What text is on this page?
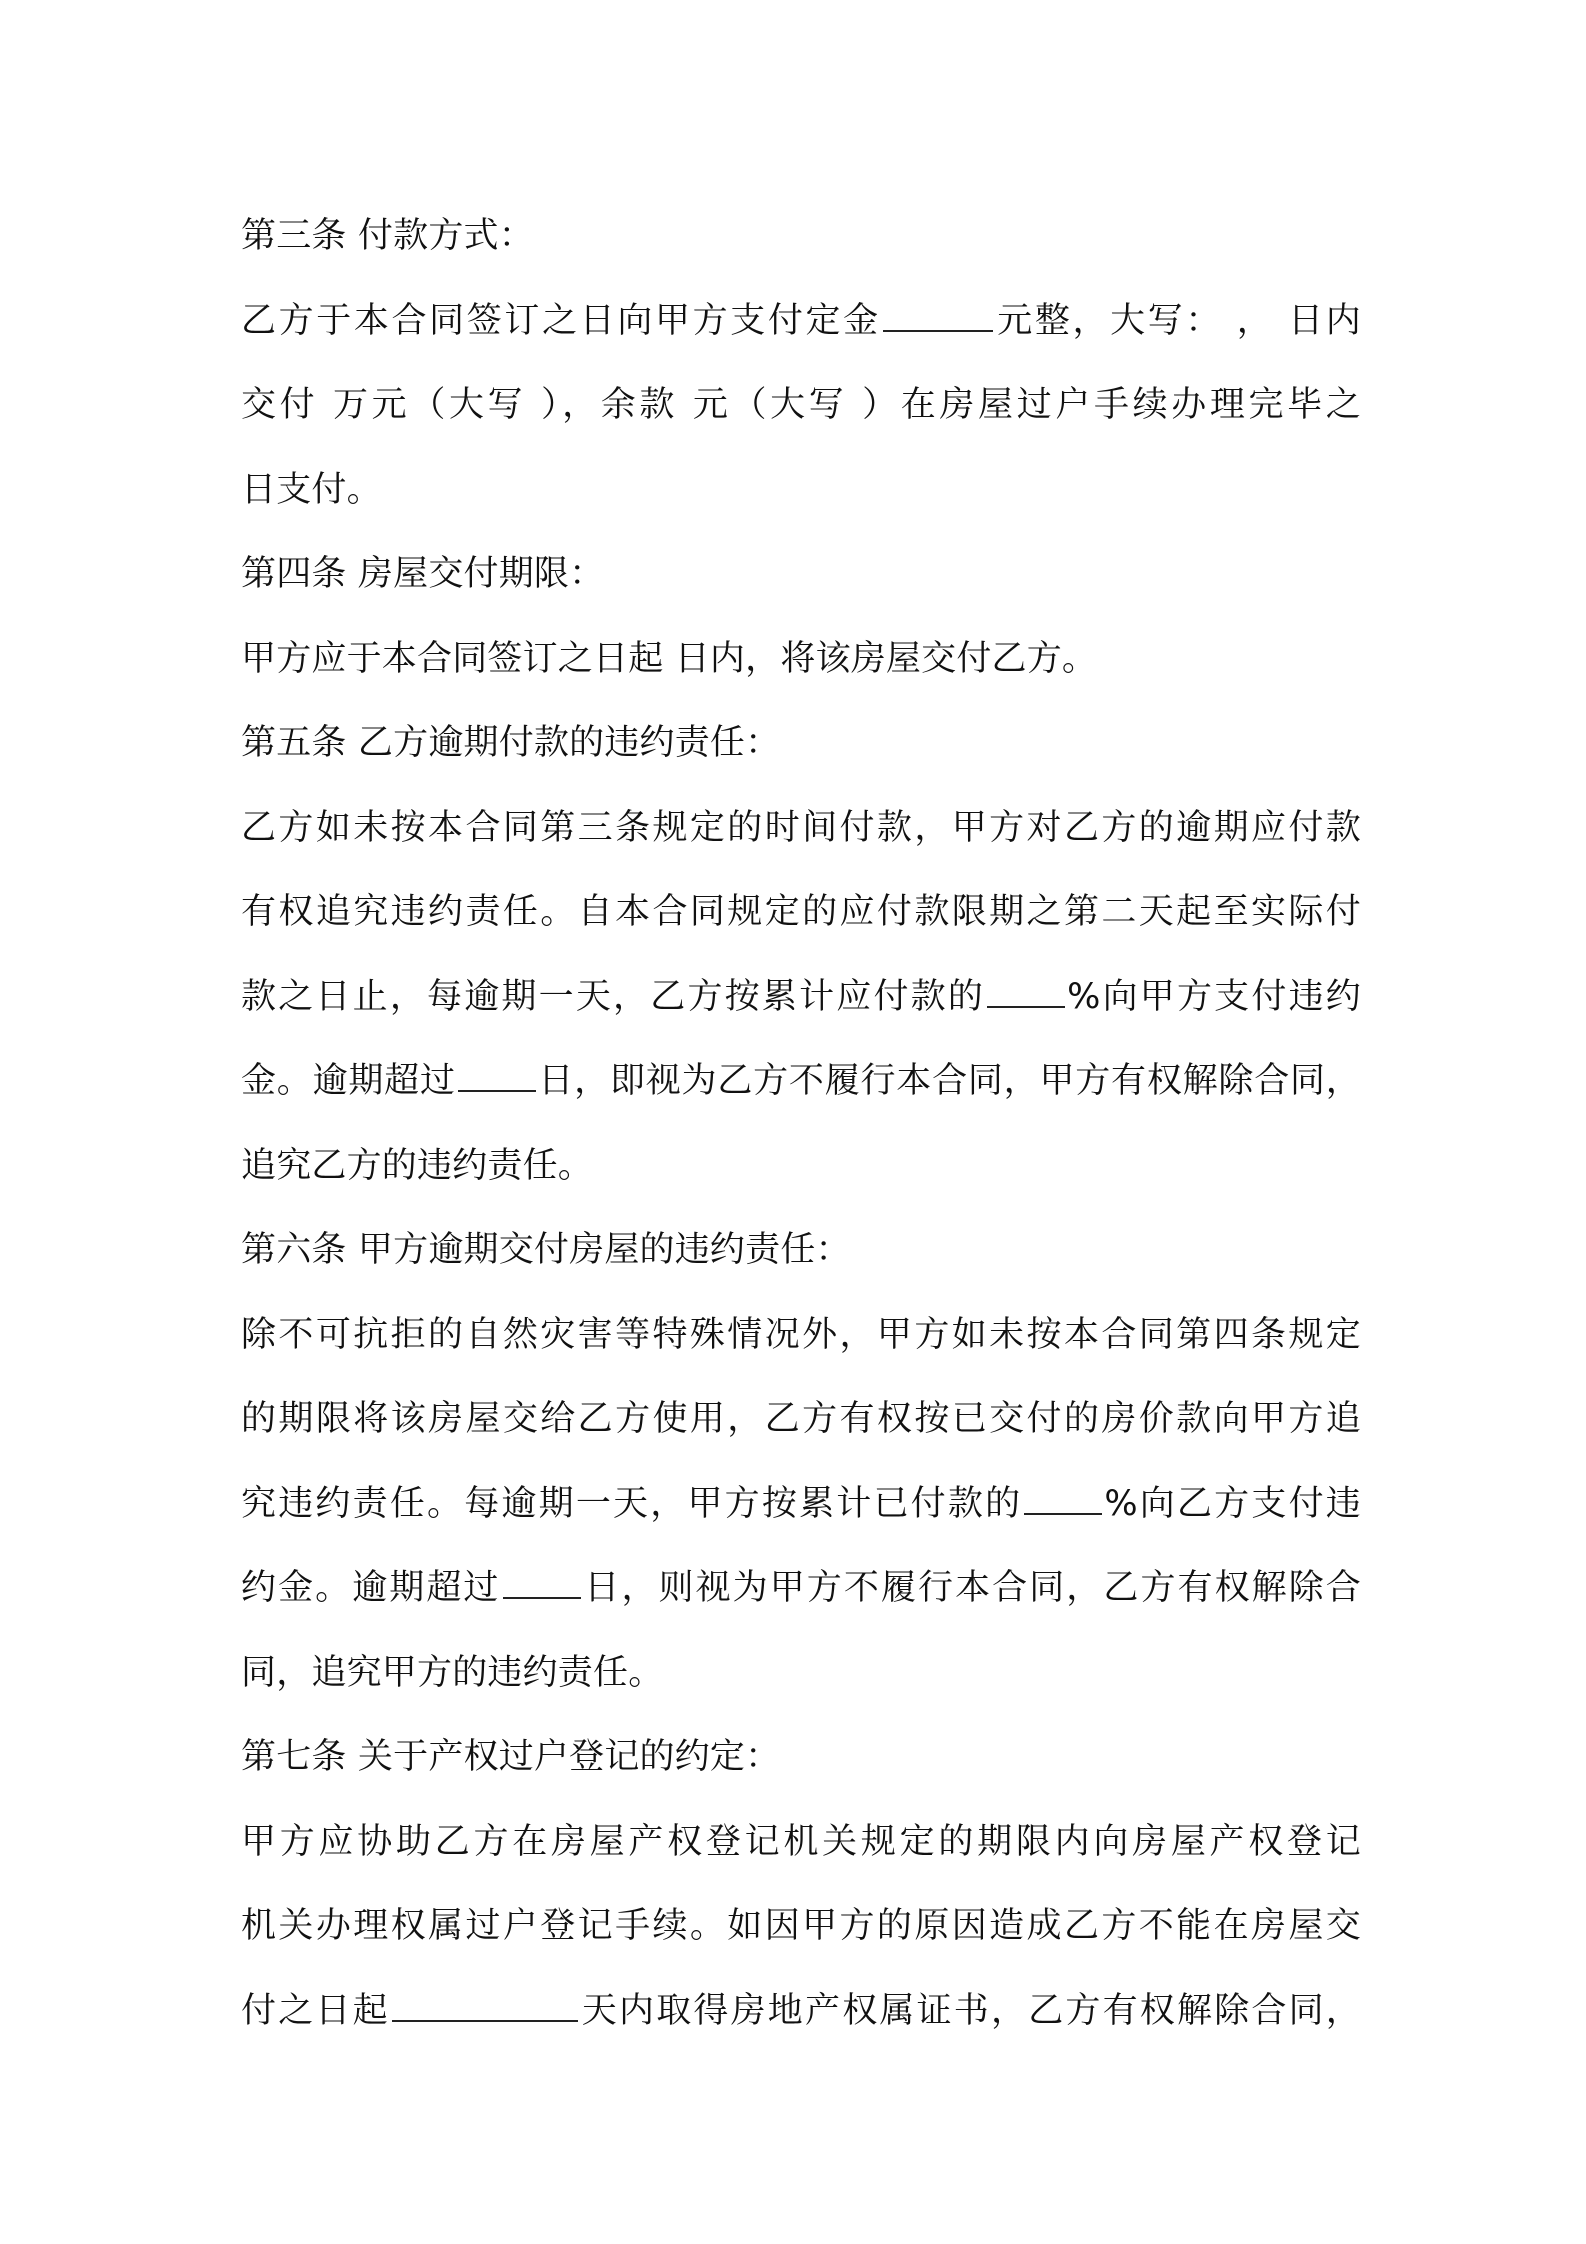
第三条 付款方式：
乙方于本合同签订之日向甲方支付定金	元整，大写： ， 日内
交付 万元（大写 ），余款 元（大写 ）在房屋过户手续办理完毕之
日支付。
第四条 房屋交付期限：
甲方应于本合同签订之日起 日内，将该房屋交付乙方。
第五条 乙方逾期付款的违约责任：
乙方如未按本合同第三条规定的时间付款，甲方对乙方的逾期应付款
有权追究违约责任。自本合同规定的应付款限期之第二天起至实际付
款之日止，每逾期一天，乙方按累计应付款的 %向甲方支付违约
金。逾期超过 日，即视为乙方不履行本合同，甲方有权解除合同，
追究乙方的违约责任。
第六条 甲方逾期交付房屋的违约责任：
除不可抗拒的自然灾害等特殊情况外，甲方如未按本合同第四条规定
的期限将该房屋交给乙方使用，乙方有权按已交付的房价款向甲方追
究违约责任。每逾期一天，甲方按累计已付款的 %向乙方支付违
约金。逾期超过 日，则视为甲方不履行本合同，乙方有权解除合
同，追究甲方的违约责任。
第七条 关于产权过户登记的约定：
甲方应协助乙方在房屋产权登记机关规定的期限内向房屋产权登记
机关办理权属过户登记手续。如因甲方的原因造成乙方不能在房屋交
付之日起	天内取得房地产权属证书，乙方有权解除合同，
